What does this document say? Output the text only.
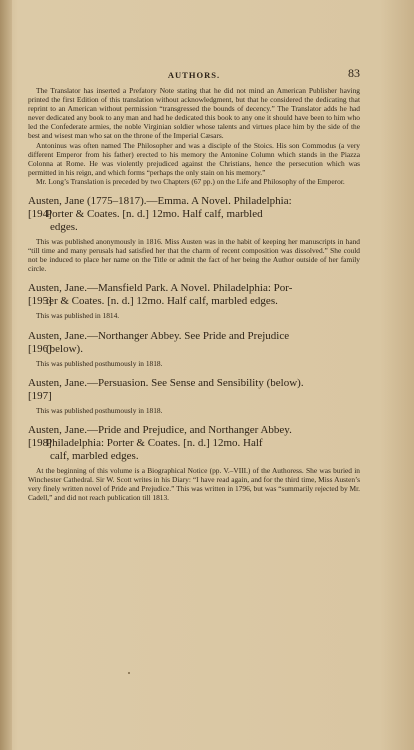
AUTHORS.	83

The Translator has inserted a Prefatory Note stating that he did not mind an American Publisher having printed the first Edition of this translation without acknowledgment, but that he considered the dedicating that reprint to an American without permission “transgressed the bounds of decency.” The Translator adds he had never dedicated any book to any man and had he dedicated this book to any one it should have been to him who led the Confederate armies, the noble Virginian soldier whose talents and virtues place him by the side of the best and wisest man who sat on the throne of the Imperial Cæsars.

Antoninus was often named The Philosopher and was a disciple of the Stoics. His son Commodus (a very different Emperor from his father) erected to his memory the Antonine Column which stands in the Piazza Colonna at Rome. He was violently prejudiced against the Christians, hence the persecution which was permitted in his reign, and which forms “perhaps the only stain on his memory.”

Mr. Long’s Translation is preceded by two Chapters (67 pp.) on the Life and Philosophy of the Emperor.

Austen, Jane (1775–1817).—Emma. A Novel. Philadelphia:

[194]Porter & Coates. [n. d.] 12mo. Half calf, marbled

edges.

This was published anonymously in 1816. Miss Austen was in the habit of keeping her manuscripts in hand “till time and many perusals had satisfied her that the charm of recent composition was dissolved.” She could not be induced to place her name on the Title or admit the fact of her being the Author outside of her family circle.

Austen, Jane.—Mansfield Park. A Novel. Philadelphia: Por-

[195]ter & Coates. [n. d.] 12mo. Half calf, marbled edges.

This was published in 1814.

Austen, Jane.—Northanger Abbey. See Pride and Prejudice

[196](below).

This was published posthumously in 1818.

Austen, Jane.—Persuasion. See Sense and Sensibility (below).

[197]

This was published posthumously in 1818.

Austen, Jane.—Pride and Prejudice, and Northanger Abbey.

[198]Philadelphia: Porter & Coates. [n. d.] 12mo. Half

calf, marbled edges.

At the beginning of this volume is a Biographical Notice (pp. V.–VIII.) of the Authoress. She was buried in Winchester Cathedral. Sir W. Scott writes in his Diary: “I have read again, and for the third time, Miss Austen’s very finely written novel of Pride and Prejudice.” This was written in 1796, but was “summarily rejected by Mr. Cadell,” and did not reach publication till 1813.
